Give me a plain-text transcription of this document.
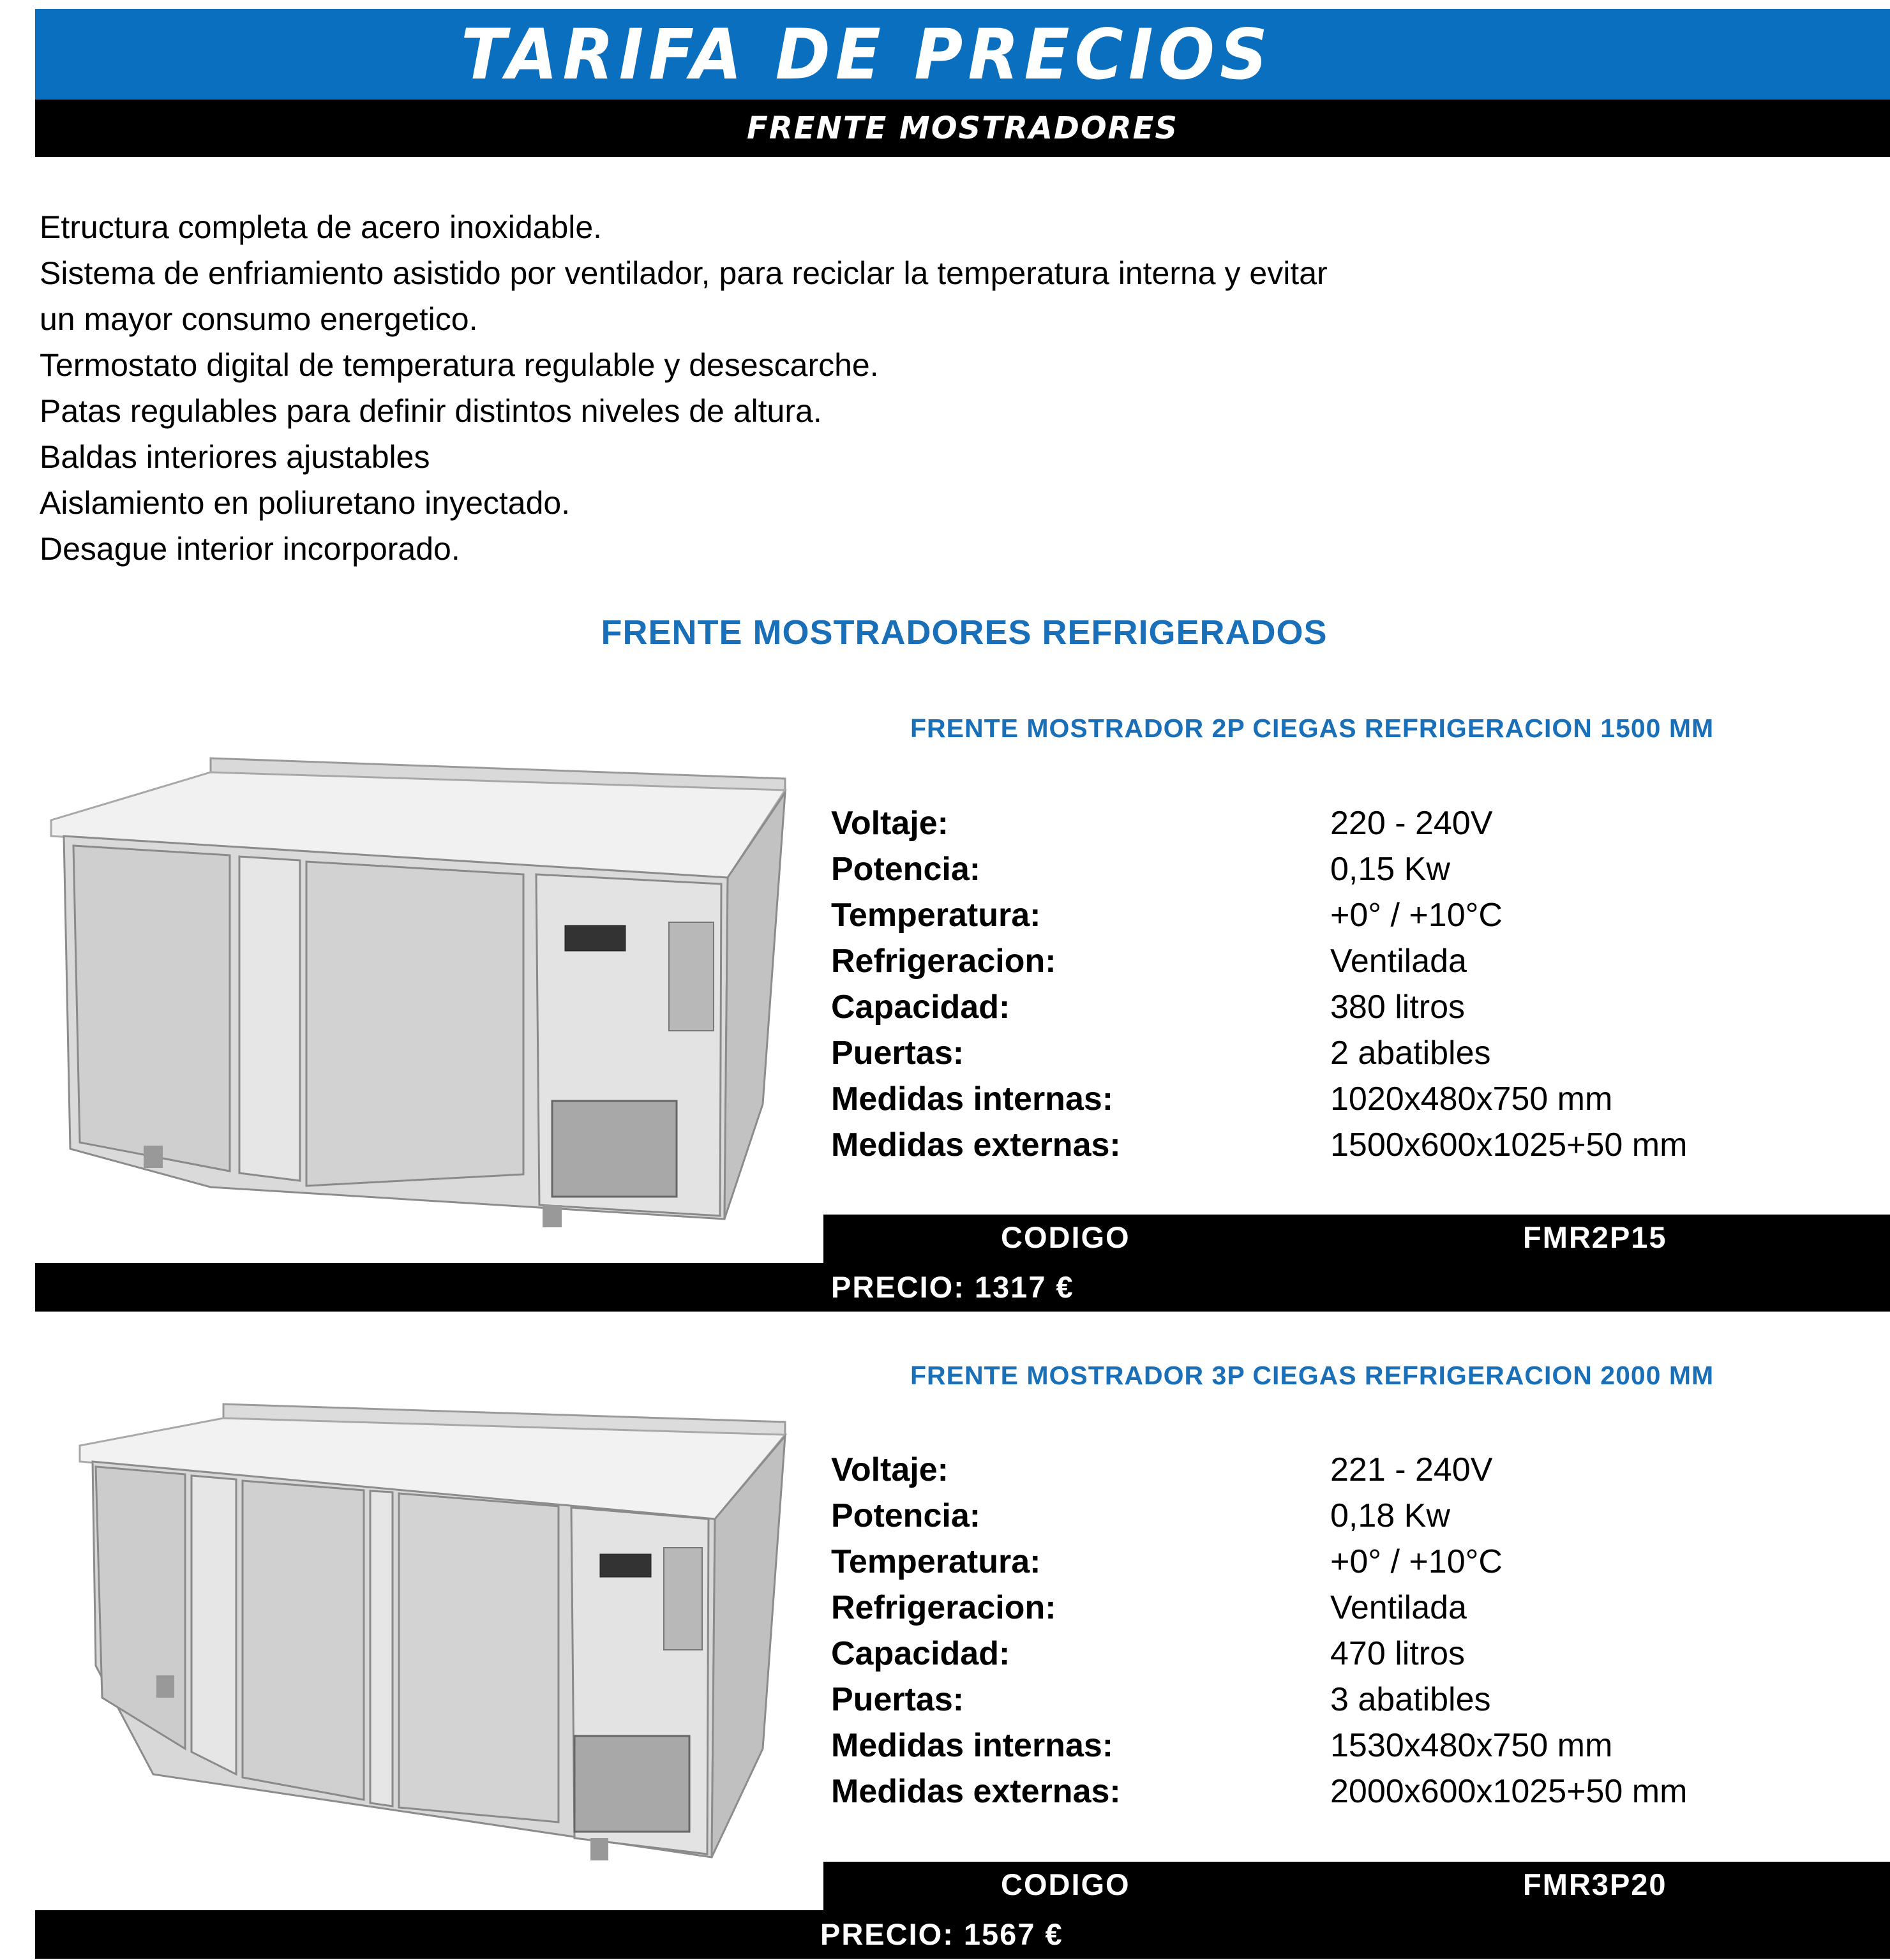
TARIFA DE PRECIOS
FRENTE MOSTRADORES
Etructura completa de acero inoxidable.
Sistema de enfriamiento asistido por ventilador, para reciclar la temperatura interna y evitar
un mayor consumo energetico.
Termostato digital de temperatura regulable y desescarche.
Patas regulables para definir distintos niveles de altura.
Baldas interiores ajustables
Aislamiento en poliuretano inyectado.
Desague interior incorporado.
FRENTE MOSTRADORES REFRIGERADOS
FRENTE MOSTRADOR 2P CIEGAS REFRIGERACION 1500 MM
Voltaje:	220 - 240V
Potencia:	0,15 Kw
Temperatura:	+0° / +10°C
Refrigeracion:	Ventilada
Capacidad:	380 litros
Puertas:	2 abatibles
Medidas internas:	1020x480x750 mm
Medidas externas:	1500x600x1025+50 mm
CODIGO	FMR2P15
PRECIO: 1317 €
FRENTE MOSTRADOR 3P CIEGAS REFRIGERACION 2000 MM
Voltaje:	221 - 240V
Potencia:	0,18 Kw
Temperatura:	+0° / +10°C
Refrigeracion:	Ventilada
Capacidad:	470 litros
Puertas:	3 abatibles
Medidas internas:	1530x480x750 mm
Medidas externas:	2000x600x1025+50 mm
CODIGO	FMR3P20
PRECIO: 1567 €
